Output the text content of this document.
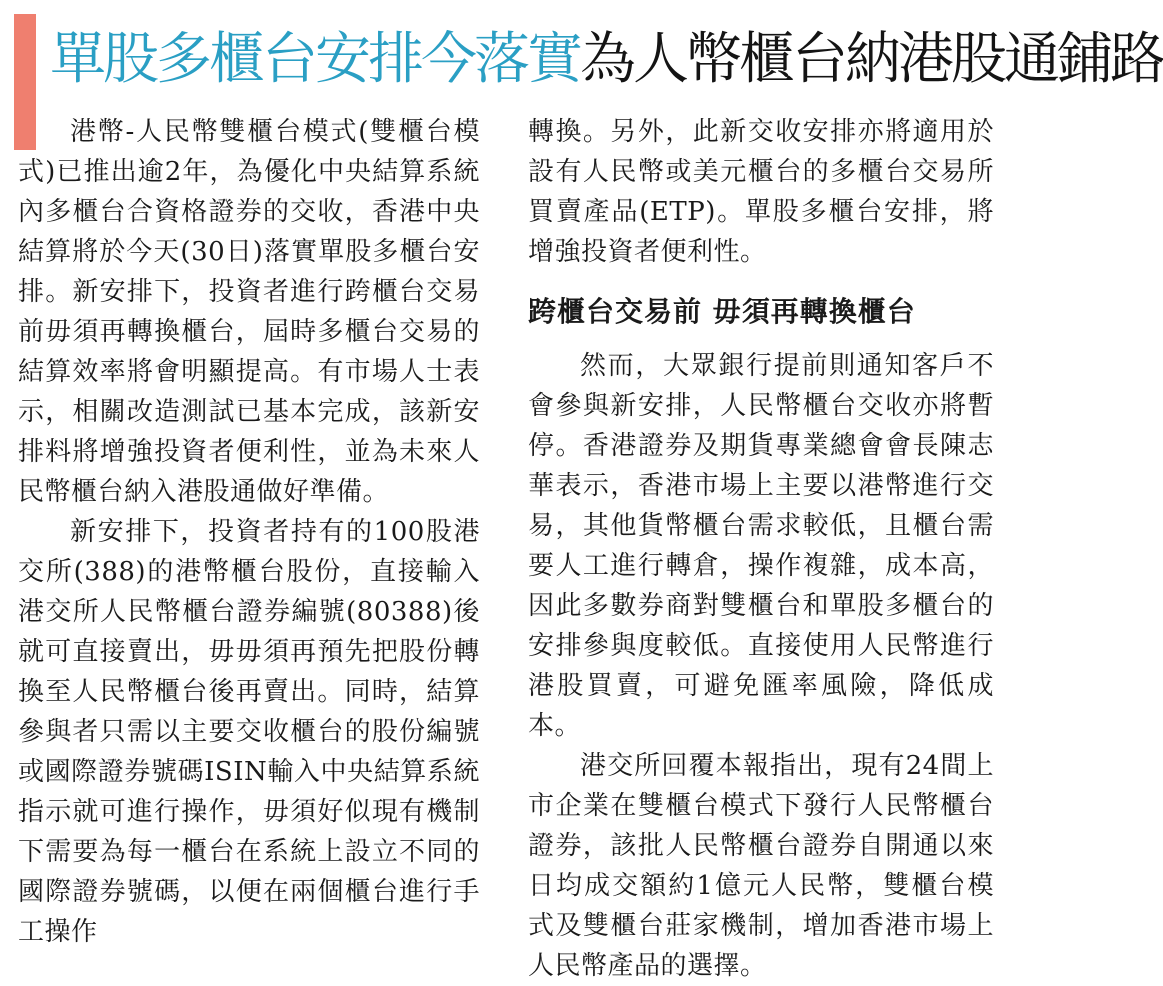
單股多櫃台安排今落實為人幣櫃台納港股通鋪路

港幣-人民幣雙櫃台模式(雙櫃台模式)已推出逾2年，為優化中央結算系統內多櫃台合資格證券的交收，香港中央結算將於今天(30日)落實單股多櫃台安排。新安排下，投資者進行跨櫃台交易前毋須再轉換櫃台，屆時多櫃台交易的結算效率將會明顯提高。有市場人士表示，相關改造測試已基本完成，該新安排料將增強投資者便利性，並為未來人民幣櫃台納入港股通做好準備。

新安排下，投資者持有的100股港交所(388)的港幣櫃台股份，直接輸入港交所人民幣櫃台證券編號(80388)後就可直接賣出，毋毋須再預先把股份轉換至人民幣櫃台後再賣出。同時，結算參與者只需以主要交收櫃台的股份編號或國際證券號碼ISIN輸入中央結算系統指示就可進行操作，毋須好似現有機制下需要為每一櫃台在系統上設立不同的國際證券號碼，以便在兩個櫃台進行手工操作

轉換。另外，此新交收安排亦將適用於設有人民幣或美元櫃台的多櫃台交易所買賣產品(ETP)。單股多櫃台安排，將增強投資者便利性。

跨櫃台交易前 毋須再轉換櫃台

然而，大眾銀行提前則通知客戶不會參與新安排，人民幣櫃台交收亦將暫停。香港證券及期貨專業總會會長陳志華表示，香港市場上主要以港幣進行交易，其他貨幣櫃台需求較低，且櫃台需要人工進行轉倉，操作複雜，成本高，因此多數券商對雙櫃台和單股多櫃台的安排參與度較低。直接使用人民幣進行港股買賣，可避免匯率風險，降低成本。

港交所回覆本報指出，現有24間上市企業在雙櫃台模式下發行人民幣櫃台證券，該批人民幣櫃台證券自開通以來日均成交額約1億元人民幣，雙櫃台模式及雙櫃台莊家機制，增加香港市場上人民幣產品的選擇。
